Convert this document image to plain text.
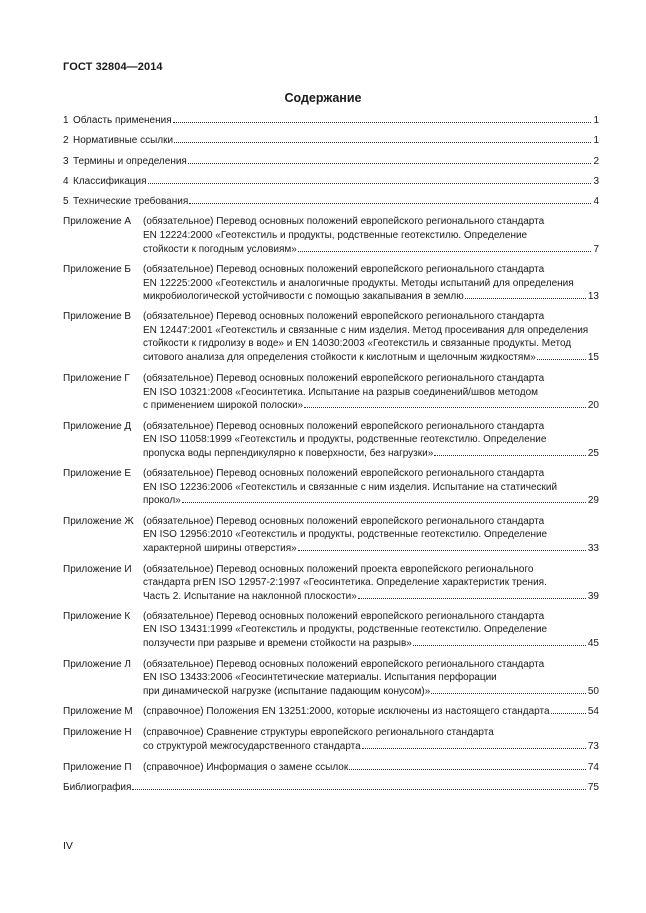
ГОСТ 32804—2014
Содержание
1 Область применения	1
2 Нормативные ссылки	1
3 Термины и определения	2
4 Классификация	3
5 Технические требования	4
Приложение А	(обязательное) Перевод основных положений европейского регионального стандарта
EN 12224:2000 «Геотекстиль и продукты, родственные геотекстилю. Определение
стойкости к погодным условиям»	7
Приложение Б	(обязательное) Перевод основных положений европейского регионального стандарта
EN 12225:2000 «Геотекстиль и аналогичные продукты. Методы испытаний для определения
микробиологической устойчивости с помощью закапывания в землю	13
Приложение В	(обязательное) Перевод основных положений европейского регионального стандарта
EN 12447:2001 «Геотекстиль и связанные с ним изделия. Метод просеивания для определения
стойкости к гидролизу в воде» и EN 14030:2003 «Геотекстиль и связанные продукты. Метод
ситового анализа для определения стойкости к кислотным и щелочным жидкостям»	15
Приложение Г	(обязательное) Перевод основных положений европейского регионального стандарта
EN ISO 10321:2008 «Геосинтетика. Испытание на разрыв соединений/швов методом
с применением широкой полоски»	20
Приложение Д	(обязательное) Перевод основных положений европейского регионального стандарта
EN ISO 11058:1999 «Геотекстиль и продукты, родственные геотекстилю. Определение
пропуска воды перпендикулярно к поверхности, без нагрузки»	25
Приложение Е	(обязательное) Перевод основных положений европейского регионального стандарта
EN ISO 12236:2006 «Геотекстиль и связанные с ним изделия. Испытание на статический
прокол»	29
Приложение Ж (обязательное) Перевод основных положений европейского регионального стандарта
EN ISO 12956:2010 «Геотекстиль и продукты, родственные геотекстилю. Определение
характерной ширины отверстия»	33
Приложение И	(обязательное) Перевод основных положений проекта европейского регионального
стандарта prEN ISO 12957-2:1997 «Геосинтетика. Определение характеристик трения.
Часть 2. Испытание на наклонной плоскости»	39
Приложение К	(обязательное) Перевод основных положений европейского регионального стандарта
EN ISO 13431:1999 «Геотекстиль и продукты, родственные геотекстилю. Определение
ползучести при разрыве и времени стойкости на разрыв»	45
Приложение Л	(обязательное) Перевод основных положений европейского регионального стандарта
EN ISO 13433:2006 «Геосинтетические материалы. Испытания перфорации
при динамической нагрузке (испытание падающим конусом)»	50
Приложение М	(справочное) Положения EN 13251:2000, которые исключены из настоящего стандарта	54
Приложение Н	(справочное) Сравнение структуры европейского регионального стандарта
со структурой межгосударственного стандарта	73
Приложение П	(справочное) Информация о замене ссылок	74
Библиография	75
IV
